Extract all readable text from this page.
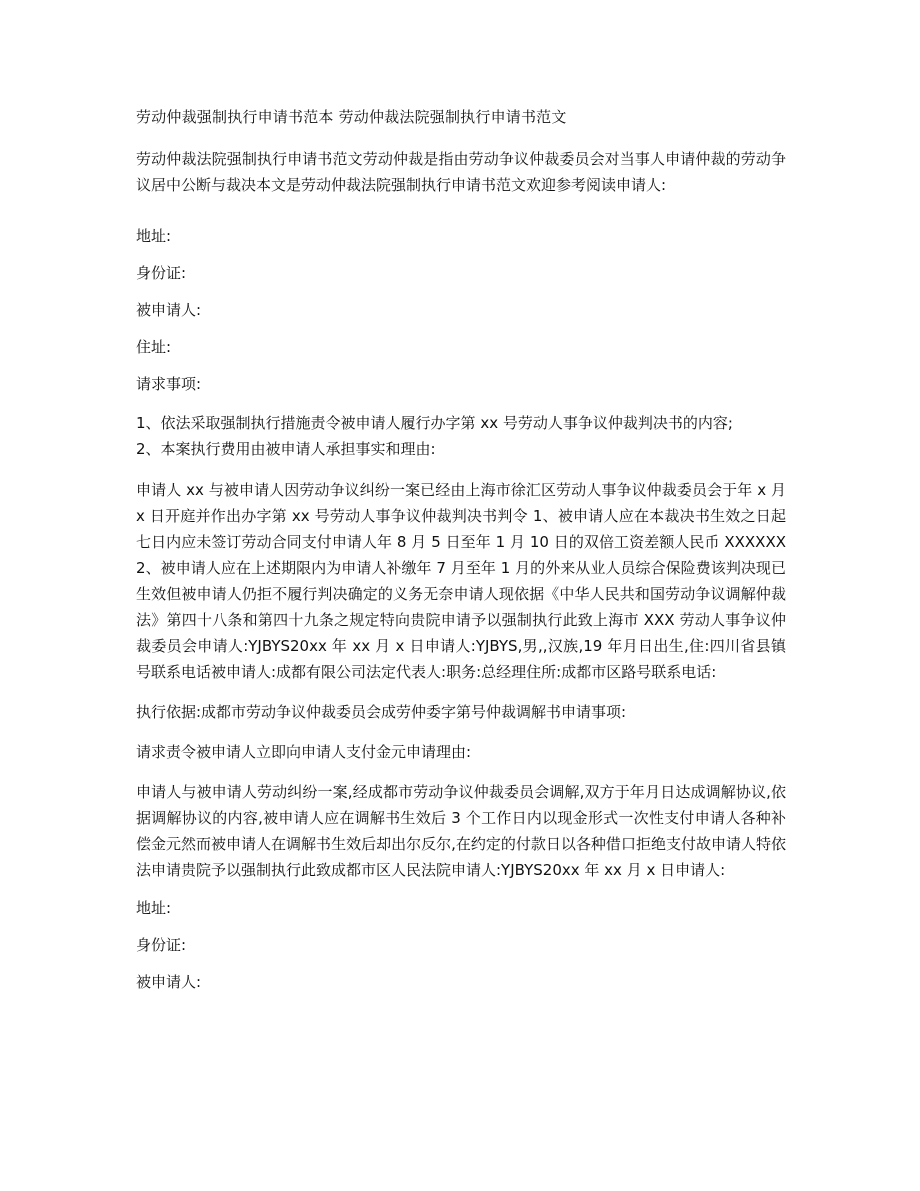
劳动仲裁强制执行申请书范本 劳动仲裁法院强制执行申请书范文
劳动仲裁法院强制执行申请书范文劳动仲裁是指由劳动争议仲裁委员会对当事人申请仲裁的劳动争议居中公断与裁决本文是劳动仲裁法院强制执行申请书范文欢迎参考阅读申请人:
地址:
身份证:
被申请人:
住址:
请求事项:
1、依法采取强制执行措施责令被申请人履行办字第 xx 号劳动人事争议仲裁判决书的内容;
2、本案执行费用由被申请人承担事实和理由:
申请人 xx 与被申请人因劳动争议纠纷一案已经由上海市徐汇区劳动人事争议仲裁委员会于年 x 月 x 日开庭并作出办字第 xx 号劳动人事争议仲裁判决书判令 1、被申请人应在本裁决书生效之日起七日内应未签订劳动合同支付申请人年 8 月 5 日至年 1 月 10 日的双倍工资差额人民币 XXXXXX2、被申请人应在上述期限内为申请人补缴年 7 月至年 1 月的外来从业人员综合保险费该判决现已生效但被申请人仍拒不履行判决确定的义务无奈申请人现依据《中华人民共和国劳动争议调解仲裁法》第四十八条和第四十九条之规定特向贵院申请予以强制执行此致上海市 XXX 劳动人事争议仲裁委员会申请人:YJBYS20xx 年 xx 月 x 日申请人:YJBYS,男,,汉族,19 年月日出生,住:四川省县镇号联系电话被申请人:成都有限公司法定代表人:职务:总经理住所:成都市区路号联系电话:
执行依据:成都市劳动争议仲裁委员会成劳仲委字第号仲裁调解书申请事项:
请求责令被申请人立即向申请人支付金元申请理由:
申请人与被申请人劳动纠纷一案,经成都市劳动争议仲裁委员会调解,双方于年月日达成调解协议,依据调解协议的内容,被申请人应在调解书生效后 3 个工作日内以现金形式一次性支付申请人各种补偿金元然而被申请人在调解书生效后却出尔反尔,在约定的付款日以各种借口拒绝支付故申请人特依法申请贵院予以强制执行此致成都市区人民法院申请人:YJBYS20xx 年 xx 月 x 日申请人:
地址:
身份证:
被申请人:
